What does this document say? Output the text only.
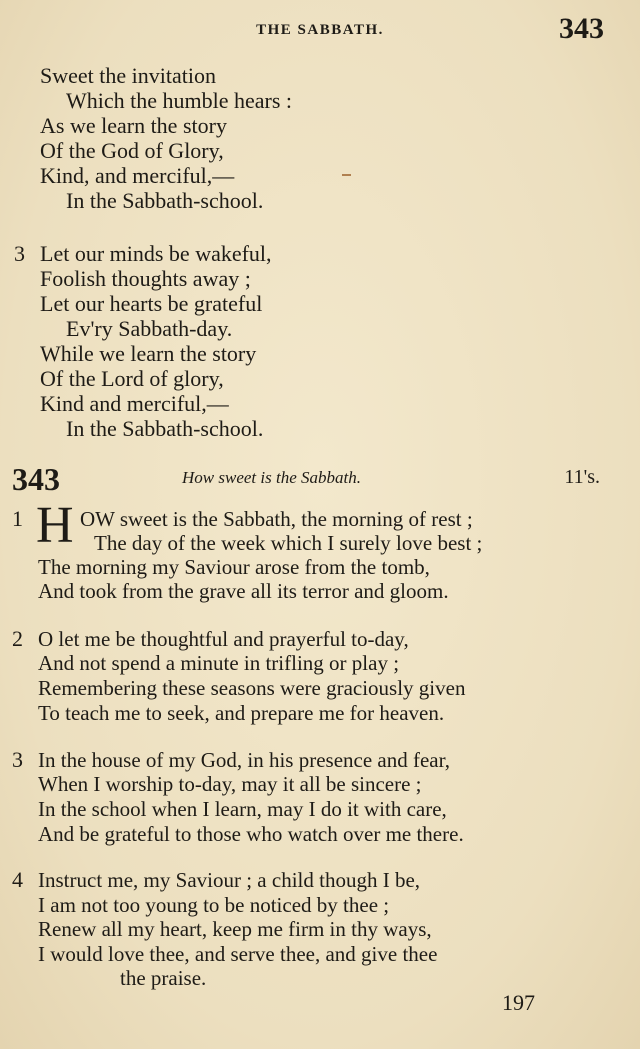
THE SABBATH.	343
Sweet the invitation
Which the humble hears :
As we learn the story
Of the God of Glory,
Kind, and merciful,—
In the Sabbath-school.
3 Let our minds be wakeful,
Foolish thoughts away ;
Let our hearts be grateful
Ev'ry Sabbath-day.
While we learn the story
Of the Lord of glory,
Kind and merciful,—
In the Sabbath-school.
343	How sweet is the Sabbath.	11's.
1 H OW sweet is the Sabbath, the morning of rest ;
The day of the week which I surely love best ;
The morning my Saviour arose from the tomb,
And took from the grave all its terror and gloom.
2 O let me be thoughtful and prayerful to-day,
And not spend a minute in trifling or play ;
Remembering these seasons were graciously given
To teach me to seek, and prepare me for heaven.
3 In the house of my God, in his presence and fear,
When I worship to-day, may it all be sincere ;
In the school when I learn, may I do it with care,
And be grateful to those who watch over me there.
4 Instruct me, my Saviour ; a child though I be,
I am not too young to be noticed by thee ;
Renew all my heart, keep me firm in thy ways,
I would love thee, and serve thee, and give thee
the praise.
197
